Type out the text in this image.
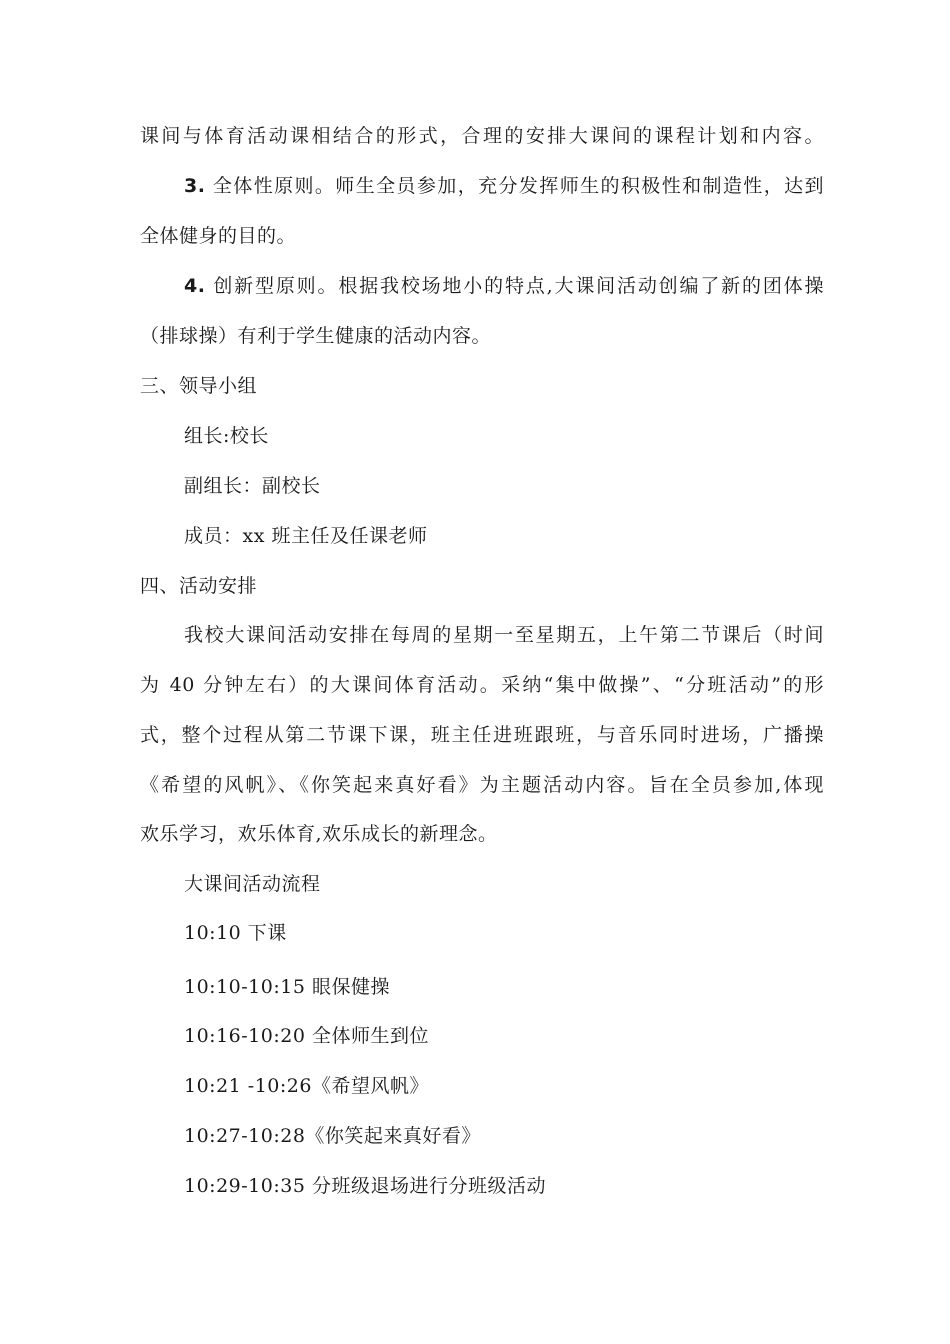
课间与体育活动课相结合的形式，合理的安排大课间的课程计划和内容。
3. 全体性原则。师生全员参加，充分发挥师生的积极性和制造性，达到
全体健身的目的。
4. 创新型原则。根据我校场地小的特点,大课间活动创编了新的团体操
（排球操）有利于学生健康的活动内容。
三、领导小组
组长:校长
副组长：副校长
成员：xx 班主任及任课老师
四、活动安排
我校大课间活动安排在每周的星期一至星期五，上午第二节课后（时间
为 40 分钟左右）的大课间体育活动。采纳“集中做操”、“分班活动”的形
式，整个过程从第二节课下课，班主任进班跟班，与音乐同时进场，广播操
《希望的风帆》、《你笑起来真好看》为主题活动内容。旨在全员参加,体现
欢乐学习，欢乐体育,欢乐成长的新理念。
大课间活动流程
10:10 下课
10:10-10:15 眼保健操
10:16-10:20 全体师生到位
10:21 -10:26《希望风帆》
10:27-10:28《你笑起来真好看》
10:29-10:35 分班级退场进行分班级活动
